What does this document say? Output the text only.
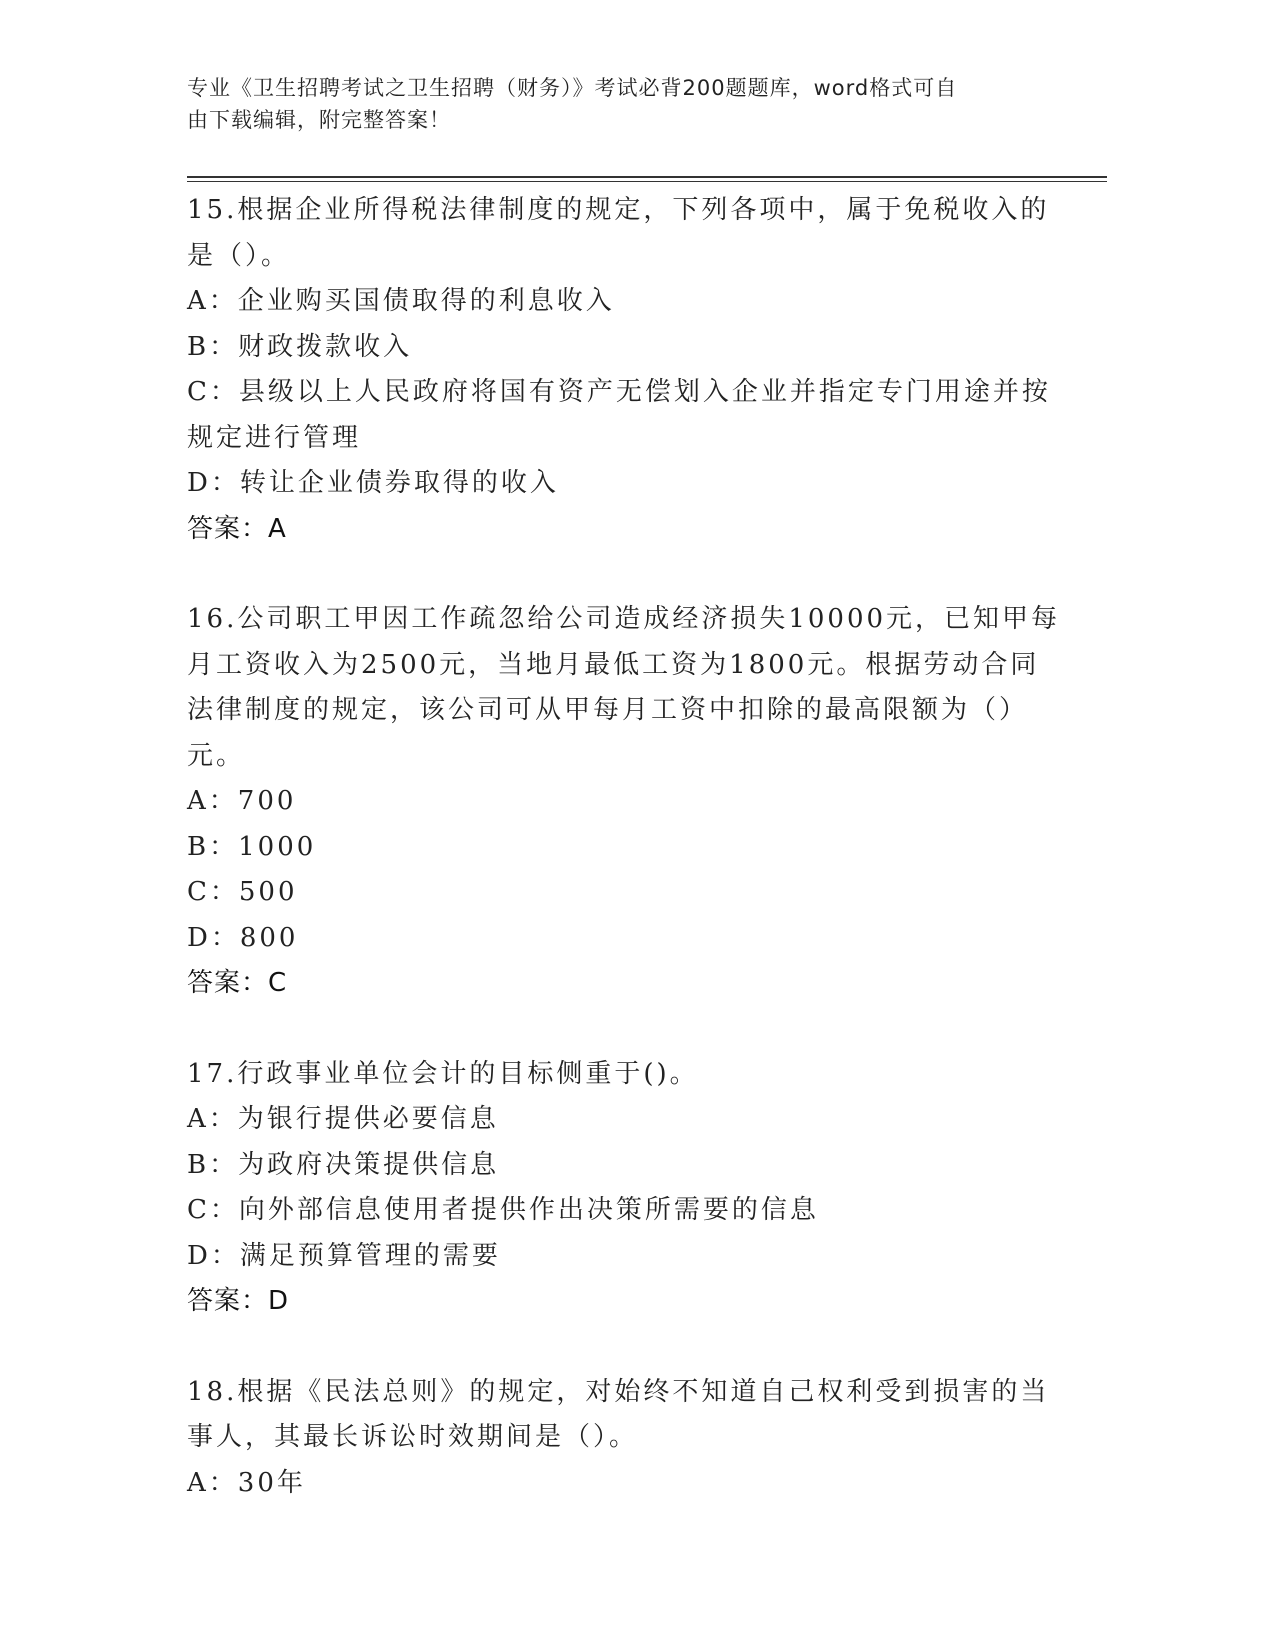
专业《卫生招聘考试之卫生招聘（财务）》考试必背200题题库，word格式可自
由下载编辑，附完整答案！

15.根据企业所得税法律制度的规定，下列各项中，属于免税收入的是（）。

A：企业购买国债取得的利息收入

B：财政拨款收入

C：县级以上人民政府将国有资产无偿划入企业并指定专门用途并按规定进行管理

D：转让企业债券取得的收入

答案：A

16.公司职工甲因工作疏忽给公司造成经济损失10000元，已知甲每月工资收入为2500元，当地月最低工资为1800元。根据劳动合同法律制度的规定，该公司可从甲每月工资中扣除的最高限额为（）元。

A：700

B：1000

C：500

D：800

答案：C

17.行政事业单位会计的目标侧重于()。

A：为银行提供必要信息

B：为政府决策提供信息

C：向外部信息使用者提供作出决策所需要的信息

D：满足预算管理的需要

答案：D

18.根据《民法总则》的规定，对始终不知道自己权利受到损害的当事人，其最长诉讼时效期间是（）。

A：30年
